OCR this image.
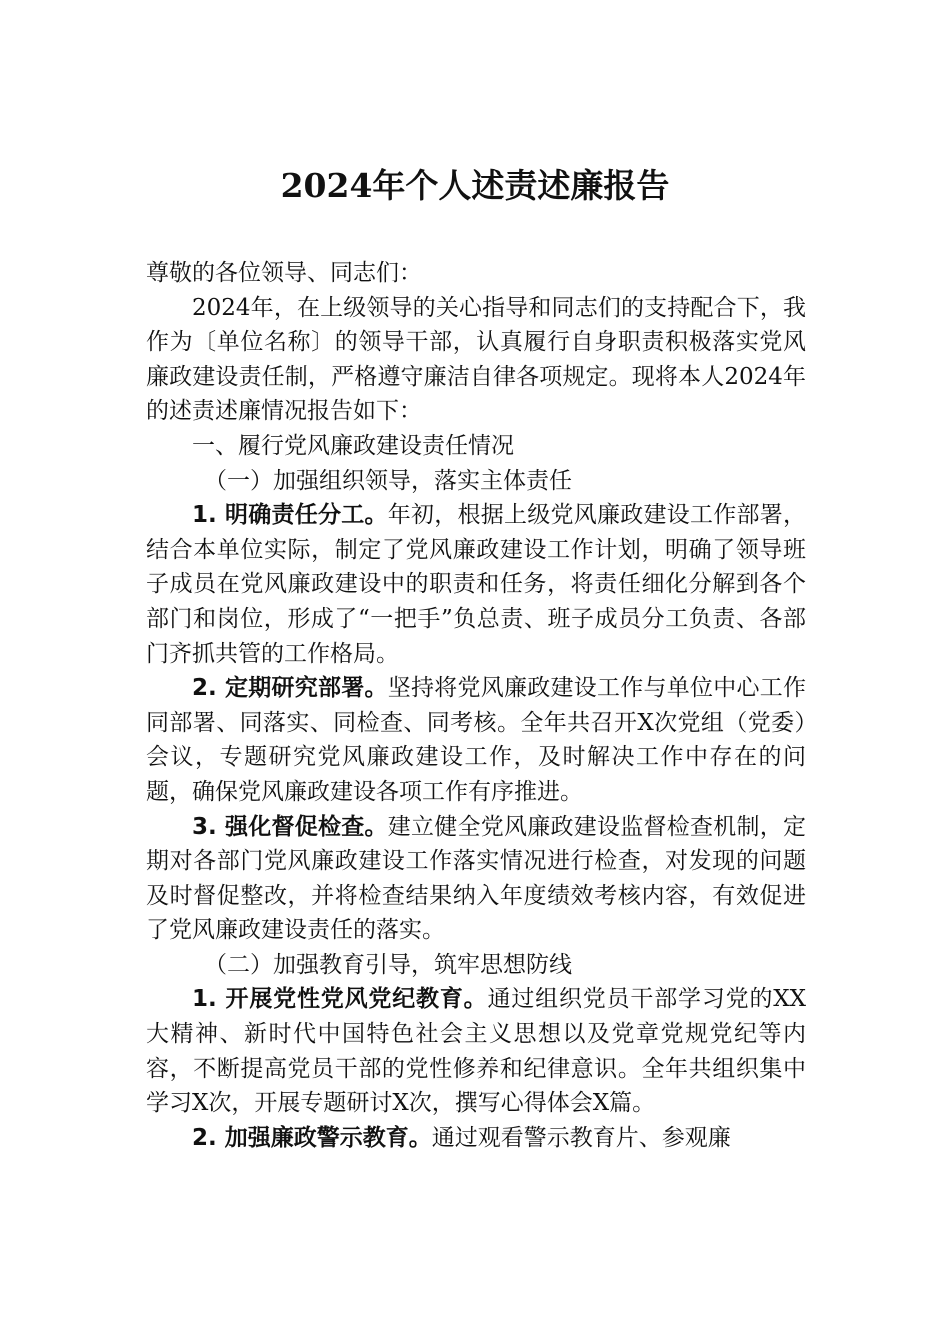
2024年个人述责述廉报告

尊敬的各位领导、同志们：

2024年，在上级领导的关心指导和同志们的支持配合下，我作为〔单位名称〕的领导干部，认真履行自身职责积极落实党风廉政建设责任制，严格遵守廉洁自律各项规定。现将本人2024年的述责述廉情况报告如下：

一、履行党风廉政建设责任情况

（一）加强组织领导，落实主体责任

1. 明确责任分工。年初，根据上级党风廉政建设工作部署，结合本单位实际，制定了党风廉政建设工作计划，明确了领导班子成员在党风廉政建设中的职责和任务，将责任细化分解到各个部门和岗位，形成了“一把手”负总责、班子成员分工负责、各部门齐抓共管的工作格局。

2. 定期研究部署。坚持将党风廉政建设工作与单位中心工作同部署、同落实、同检查、同考核。全年共召开X次党组（党委）会议，专题研究党风廉政建设工作，及时解决工作中存在的问题，确保党风廉政建设各项工作有序推进。

3. 强化督促检查。建立健全党风廉政建设监督检查机制，定期对各部门党风廉政建设工作落实情况进行检查，对发现的问题及时督促整改，并将检查结果纳入年度绩效考核内容，有效促进了党风廉政建设责任的落实。

（二）加强教育引导，筑牢思想防线

1. 开展党性党风党纪教育。通过组织党员干部学习党的XX大精神、新时代中国特色社会主义思想以及党章党规党纪等内容，不断提高党员干部的党性修养和纪律意识。全年共组织集中学习X次，开展专题研讨X次，撰写心得体会X篇。

2. 加强廉政警示教育。通过观看警示教育片、参观廉
